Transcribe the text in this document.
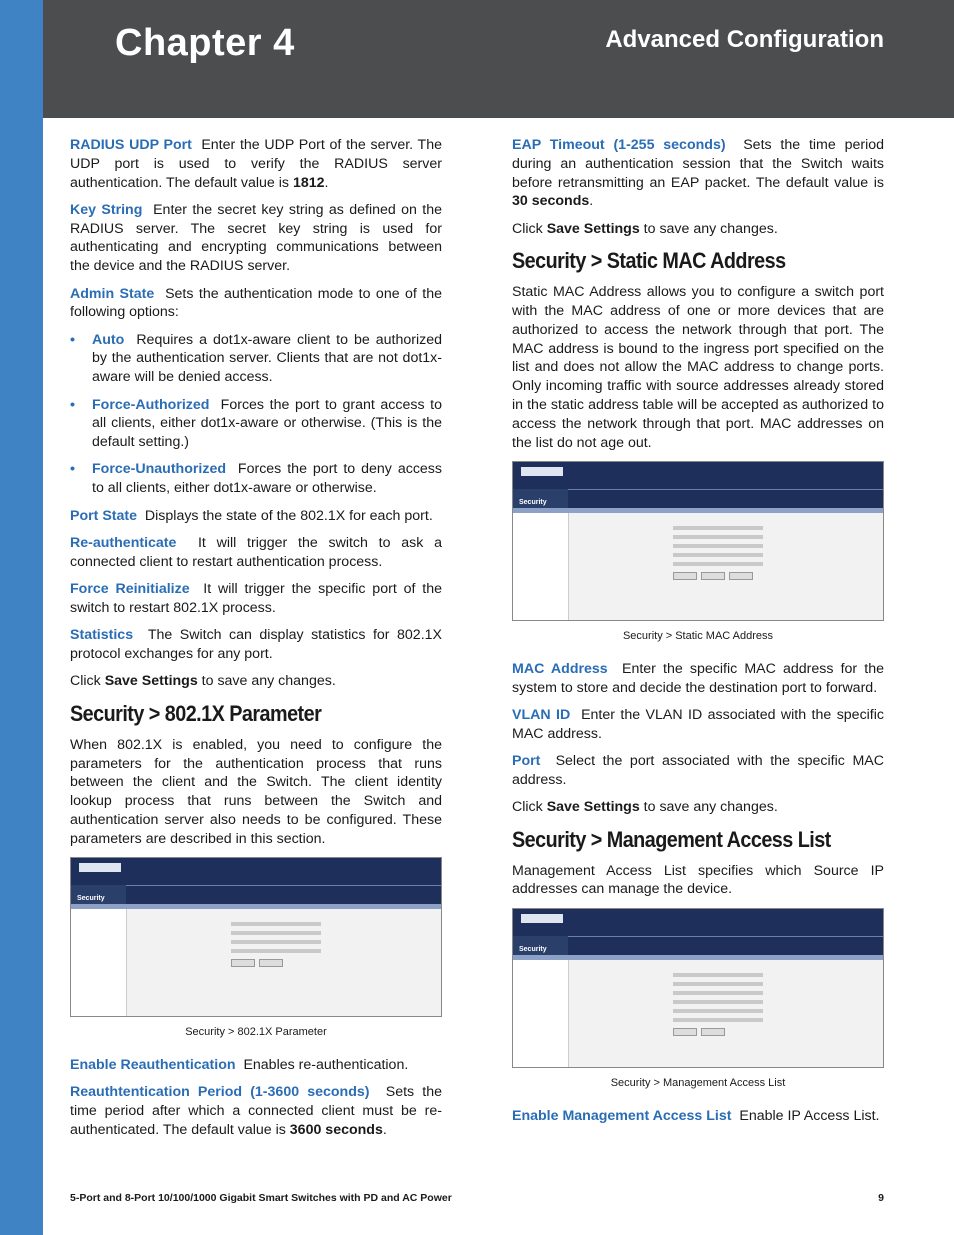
Chapter 4	Advanced Configuration

RADIUS UDP Port Enter the UDP Port of the server. The UDP port is used to verify the RADIUS server authentication. The default value is 1812.

Key String Enter the secret key string as defined on the RADIUS server. The secret key string is used for authenticating and encrypting communications between the device and the RADIUS server.

Admin State Sets the authentication mode to one of the following options:

• Auto Requires a dot1x-aware client to be authorized by the authentication server. Clients that are not dot1x-aware will be denied access.

• Force-Authorized Forces the port to grant access to all clients, either dot1x-aware or otherwise. (This is the default setting.)

• Force-Unauthorized Forces the port to deny access to all clients, either dot1x-aware or otherwise.

Port State Displays the state of the 802.1X for each port.

Re-authenticate It will trigger the switch to ask a connected client to restart authentication process.

Force Reinitialize It will trigger the specific port of the switch to restart 802.1X process.

Statistics The Switch can display statistics for 802.1X protocol exchanges for any port.

Click Save Settings to save any changes.

Security > 802.1X Parameter

When 802.1X is enabled, you need to configure the parameters for the authentication process that runs between the client and the Switch. The client identity lookup process that runs between the Switch and authentication server also needs to be configured. These parameters are described in this section.

Security
Security > 802.1X Parameter

Enable Reauthentication Enables re-authentication.

Reauthtentication Period (1-3600 seconds) Sets the time period after which a connected client must be re-authenticated. The default value is 3600 seconds.

EAP Timeout (1-255 seconds) Sets the time period during an authentication session that the Switch waits before retransmitting an EAP packet. The default value is 30 seconds.

Click Save Settings to save any changes.

Security > Static MAC Address

Static MAC Address allows you to configure a switch port with the MAC address of one or more devices that are authorized to access the network through that port. The MAC address is bound to the ingress port specified on the list and does not allow the MAC address to change ports. Only incoming traffic with source addresses already stored in the static address table will be accepted as authorized to access the network through that port. MAC addresses on the list do not age out.

Security
Security > Static MAC Address

MAC Address Enter the specific MAC address for the system to store and decide the destination port to forward.

VLAN ID Enter the VLAN ID associated with the specific MAC address.

Port Select the port associated with the specific MAC address.

Click Save Settings to save any changes.

Security > Management Access List

Management Access List specifies which Source IP addresses can manage the device.

Security
Security > Management Access List

Enable Management Access List Enable IP Access List.

5-Port and 8-Port 10/100/1000 Gigabit Smart Switches with PD and AC Power	9
